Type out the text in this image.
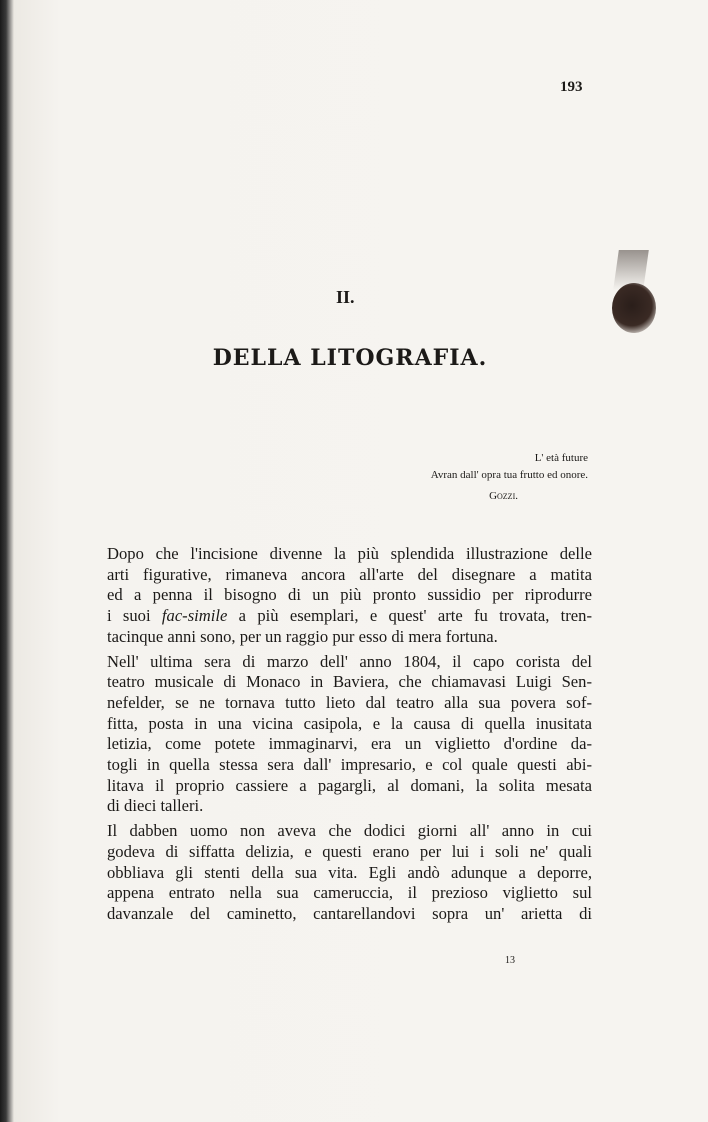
193
II.
DELLA LITOGRAFIA.
L' età future
Avran dall' opra tua frutto ed onore.
Gozzi.

Dopo che l'incisione divenne la più splendida illustrazione delle
arti figurative, rimaneva ancora all'arte del disegnare a matita
ed a penna il bisogno di un più pronto sussidio per riprodurre
i suoi fac-simile a più esemplari, e quest' arte fu trovata, tren-
tacinque anni sono, per un raggio pur esso di mera fortuna.

Nell' ultima sera di marzo dell' anno 1804, il capo corista del
teatro musicale di Monaco in Baviera, che chiamavasi Luigi Sen-
nefelder, se ne tornava tutto lieto dal teatro alla sua povera sof-
fitta, posta in una vicina casipola, e la causa di quella inusitata
letizia, come potete immaginarvi, era un viglietto d'ordine da-
togli in quella stessa sera dall' impresario, e col quale questi abi-
litava il proprio cassiere a pagargli, al domani, la solita mesata
di dieci talleri.

Il dabben uomo non aveva che dodici giorni all' anno in cui
godeva di siffatta delizia, e questi erano per lui i soli ne' quali
obbliava gli stenti della sua vita. Egli andò adunque a deporre,
appena entrato nella sua cameruccia, il prezioso viglietto sul
davanzale del caminetto, cantarellandovi sopra un' arietta di

13
